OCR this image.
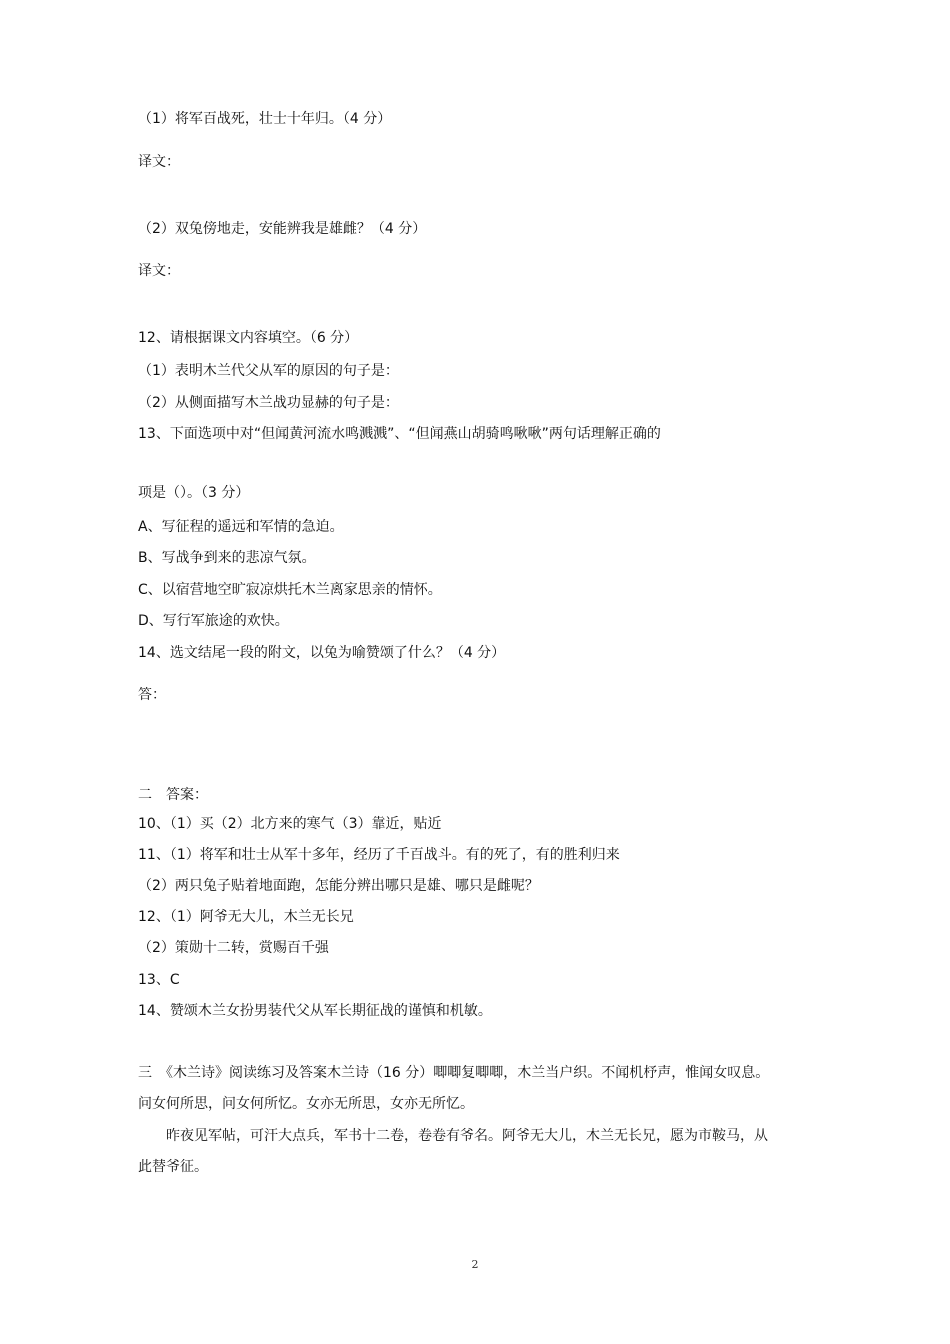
（1）将军百战死，壮士十年归。（4 分）
译文：
（2）双兔傍地走，安能辨我是雄雌？（4 分）
译文：
12、请根据课文内容填空。（6 分）
（1）表明木兰代父从军的原因的句子是：
（2）从侧面描写木兰战功显赫的句子是：
13、下面选项中对“但闻黄河流水鸣溅溅”、“但闻燕山胡骑鸣啾啾”两句话理解正确的
项是（）。（3 分）
A、写征程的遥远和军情的急迫。
B、写战争到来的悲凉气氛。
C、以宿营地空旷寂凉烘托木兰离家思亲的情怀。
D、写行军旅途的欢快。
14、选文结尾一段的附文，以兔为喻赞颂了什么？（4 分）
答：
二　答案：
10、（1）买（2）北方来的寒气（3）靠近，贴近
11、（1）将军和壮士从军十多年，经历了千百战斗。有的死了，有的胜利归来
（2）两只兔子贴着地面跑，怎能分辨出哪只是雄、哪只是雌呢？
12、（1）阿爷无大儿，木兰无长兄
（2）策勋十二转，赏赐百千强
13、C
14、赞颂木兰女扮男装代父从军长期征战的谨慎和机敏。
三　《木兰诗》阅读练习及答案木兰诗（16 分）唧唧复唧唧，木兰当户织。不闻机杼声，惟闻女叹息。
问女何所思，问女何所忆。女亦无所思，女亦无所忆。
　　昨夜见军帖，可汗大点兵，军书十二卷，卷卷有爷名。阿爷无大儿，木兰无长兄，愿为市鞍马，从
此替爷征。
2
